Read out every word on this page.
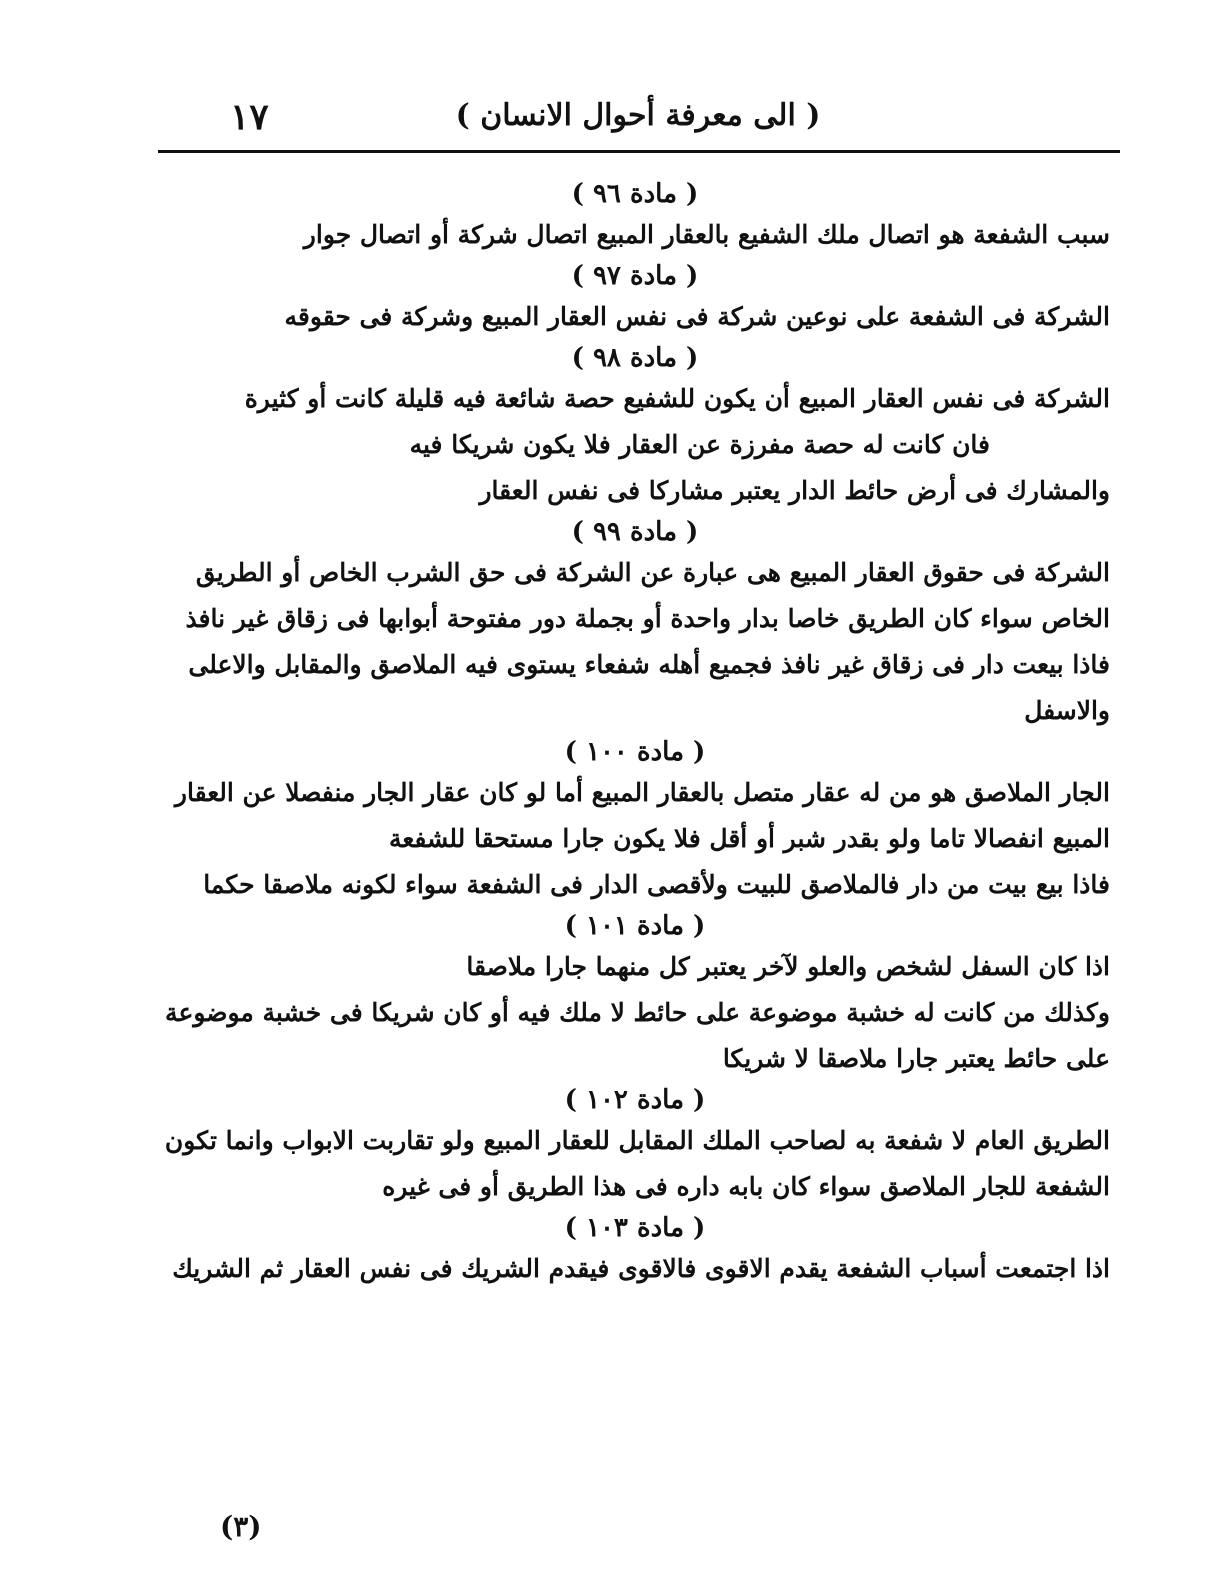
١٧	( الى معرفة أحوال الانسان )

( مادة ٩٦ )

سبب الشفعة هو اتصال ملك الشفيع بالعقار المبيع اتصال شركة أو اتصال جوار

( مادة ٩٧ )

الشركة فى الشفعة على نوعين شركة فى نفس العقار المبيع وشركة فى حقوقه

( مادة ٩٨ )

الشركة فى نفس العقار المبيع أن يكون للشفيع حصة شائعة فيه قليلة كانت أو كثيرة

فان كانت له حصة مفرزة عن العقار فلا يكون شريكا فيه

والمشارك فى أرض حائط الدار يعتبر مشاركا فى نفس العقار

( مادة ٩٩ )

الشركة فى حقوق العقار المبيع هى عبارة عن الشركة فى حق الشرب الخاص أو الطريق

الخاص سواء كان الطريق خاصا بدار واحدة أو بجملة دور مفتوحة أبوابها فى زقاق غير نافذ

فاذا بيعت دار فى زقاق غير نافذ فجميع أهله شفعاء يستوى فيه الملاصق والمقابل والاعلى

والاسفل

( مادة ١٠٠ )

الجار الملاصق هو من له عقار متصل بالعقار المبيع أما لو كان عقار الجار منفصلا عن العقار

المبيع انفصالا تاما ولو بقدر شبر أو أقل فلا يكون جارا مستحقا للشفعة

فاذا بيع بيت من دار فالملاصق للبيت ولأقصى الدار فى الشفعة سواء لكونه ملاصقا حكما

( مادة ١٠١ )

اذا كان السفل لشخص والعلو لآخر يعتبر كل منهما جارا ملاصقا

وكذلك من كانت له خشبة موضوعة على حائط لا ملك فيه أو كان شريكا فى خشبة موضوعة

على حائط يعتبر جارا ملاصقا لا شريكا

( مادة ١٠٢ )

الطريق العام لا شفعة به لصاحب الملك المقابل للعقار المبيع ولو تقاربت الابواب وانما تكون

الشفعة للجار الملاصق سواء كان بابه داره فى هذا الطريق أو فى غيره

( مادة ١٠٣ )

اذا اجتمعت أسباب الشفعة يقدم الاقوى فالاقوى فيقدم الشريك فى نفس العقار ثم الشريك

(٣)
